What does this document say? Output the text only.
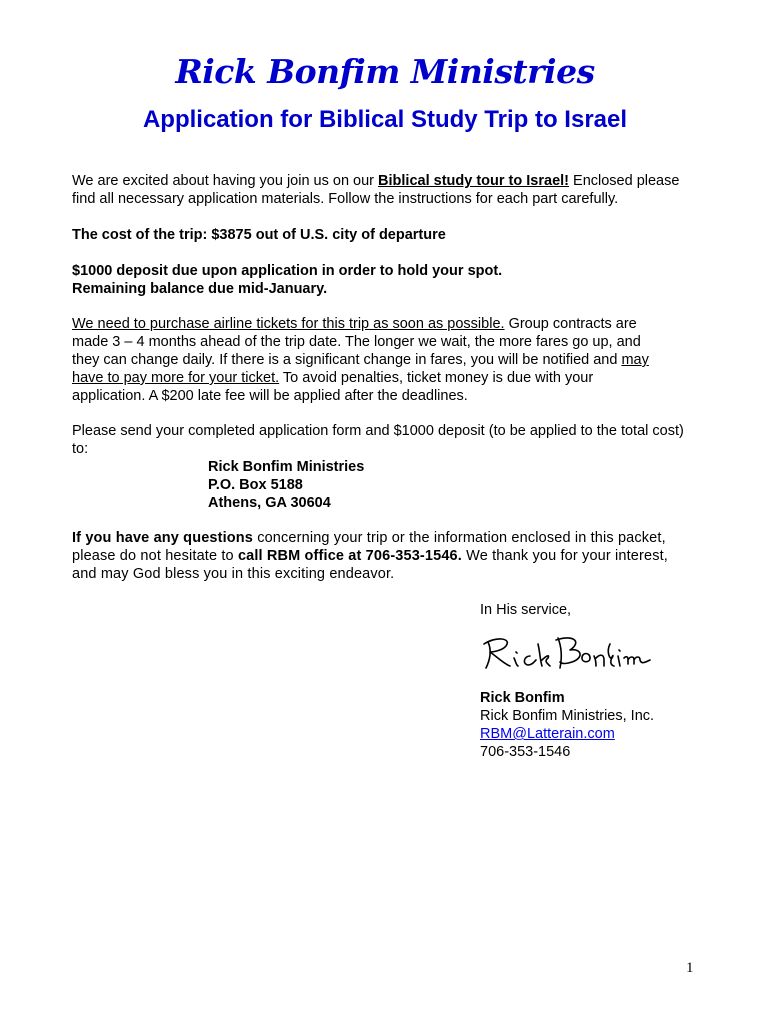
Rick Bonfim Ministries
Application for Biblical Study Trip to Israel
We are excited about having you join us on our Biblical study tour to Israel! Enclosed please
find all necessary application materials. Follow the instructions for each part carefully.
The cost of the trip: $3875 out of U.S. city of departure
$1000 deposit due upon application in order to hold your spot.
Remaining balance due mid-January.
We need to purchase airline tickets for this trip as soon as possible. Group contracts are
made 3 – 4 months ahead of the trip date. The longer we wait, the more fares go up, and
they can change daily. If there is a significant change in fares, you will be notified and may
have to pay more for your ticket. To avoid penalties, ticket money is due with your
application. A $200 late fee will be applied after the deadlines.
Please send your completed application form and $1000 deposit (to be applied to the total cost)
to:
Rick Bonfim Ministries
P.O. Box 5188
Athens, GA 30604
If you have any questions concerning your trip or the information enclosed in this packet,
please do not hesitate to call RBM office at 706-353-1546. We thank you for your interest,
and may God bless you in this exciting endeavor.
In His service,
Rick Bonfim
Rick Bonfim Ministries, Inc.
RBM@Latterain.com
706-353-1546
1
